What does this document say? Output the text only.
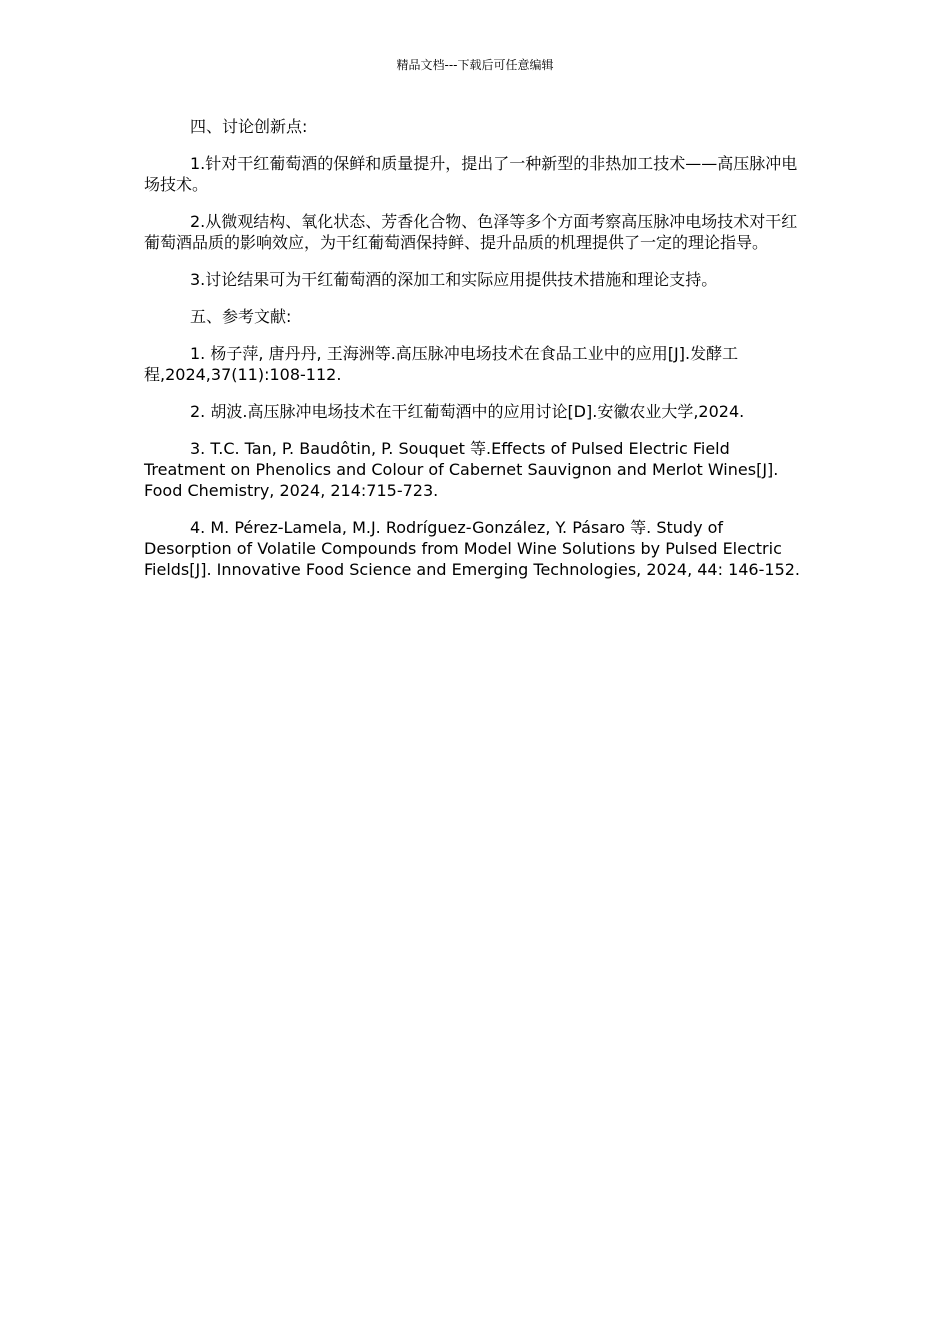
精品文档---下载后可任意编辑

四、讨论创新点:

1.针对干红葡萄酒的保鲜和质量提升，提出了一种新型的非热加工技术——高压脉冲电场技术。

2.从微观结构、氧化状态、芳香化合物、色泽等多个方面考察高压脉冲电场技术对干红葡萄酒品质的影响效应，为干红葡萄酒保持鲜、提升品质的机理提供了一定的理论指导。

3.讨论结果可为干红葡萄酒的深加工和实际应用提供技术措施和理论支持。

五、参考文献:

1. 杨子萍, 唐丹丹, 王海洲等.高压脉冲电场技术在食品工业中的应用[J].发酵工程,2024,37(11):108-112.

2. 胡波.高压脉冲电场技术在干红葡萄酒中的应用讨论[D].安徽农业大学,2024.

3. T.C. Tan, P. Baudôtin, P. Souquet 等.Effects of Pulsed Electric Field Treatment on Phenolics and Colour of Cabernet Sauvignon and Merlot Wines[J]. Food Chemistry, 2024, 214:715-723.

4. M. Pérez-Lamela, M.J. Rodríguez-González, Y. Pásaro 等. Study of Desorption of Volatile Compounds from Model Wine Solutions by Pulsed Electric Fields[J]. Innovative Food Science and Emerging Technologies, 2024, 44: 146-152.
